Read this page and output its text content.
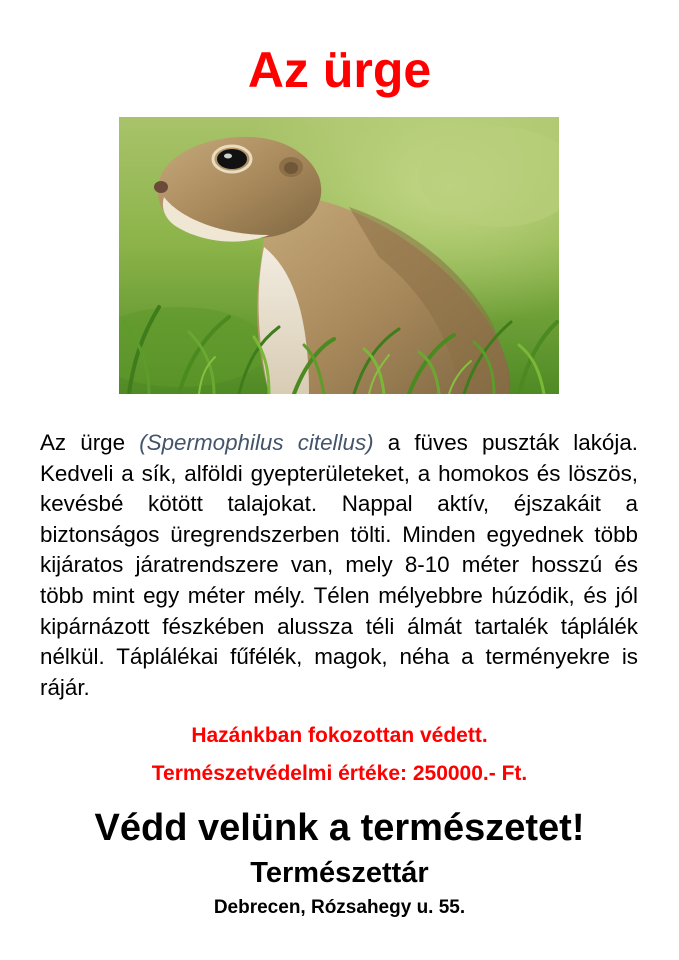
Az ürge
Az ürge (Spermophilus citellus) a füves puszták lakója. Kedveli a sík, alföldi gyepterületeket, a homokos és löszös, kevésbé kötött talajokat. Nappal aktív, éjszakáit a biztonságos üregrendszerben tölti. Minden egyednek több kijáratos járatrendszere van, mely 8-10 méter hosszú és több mint egy méter mély. Télen mélyebbre húzódik, és jól kipárnázott fészkében alussza téli álmát tartalék táplálék nélkül. Táplálékai fűfélék, magok, néha a terményekre is rájár.
Hazánkban fokozottan védett.
Természetvédelmi értéke: 250000.- Ft.
Védd velünk a természetet!
Természettár
Debrecen, Rózsahegy u. 55.
